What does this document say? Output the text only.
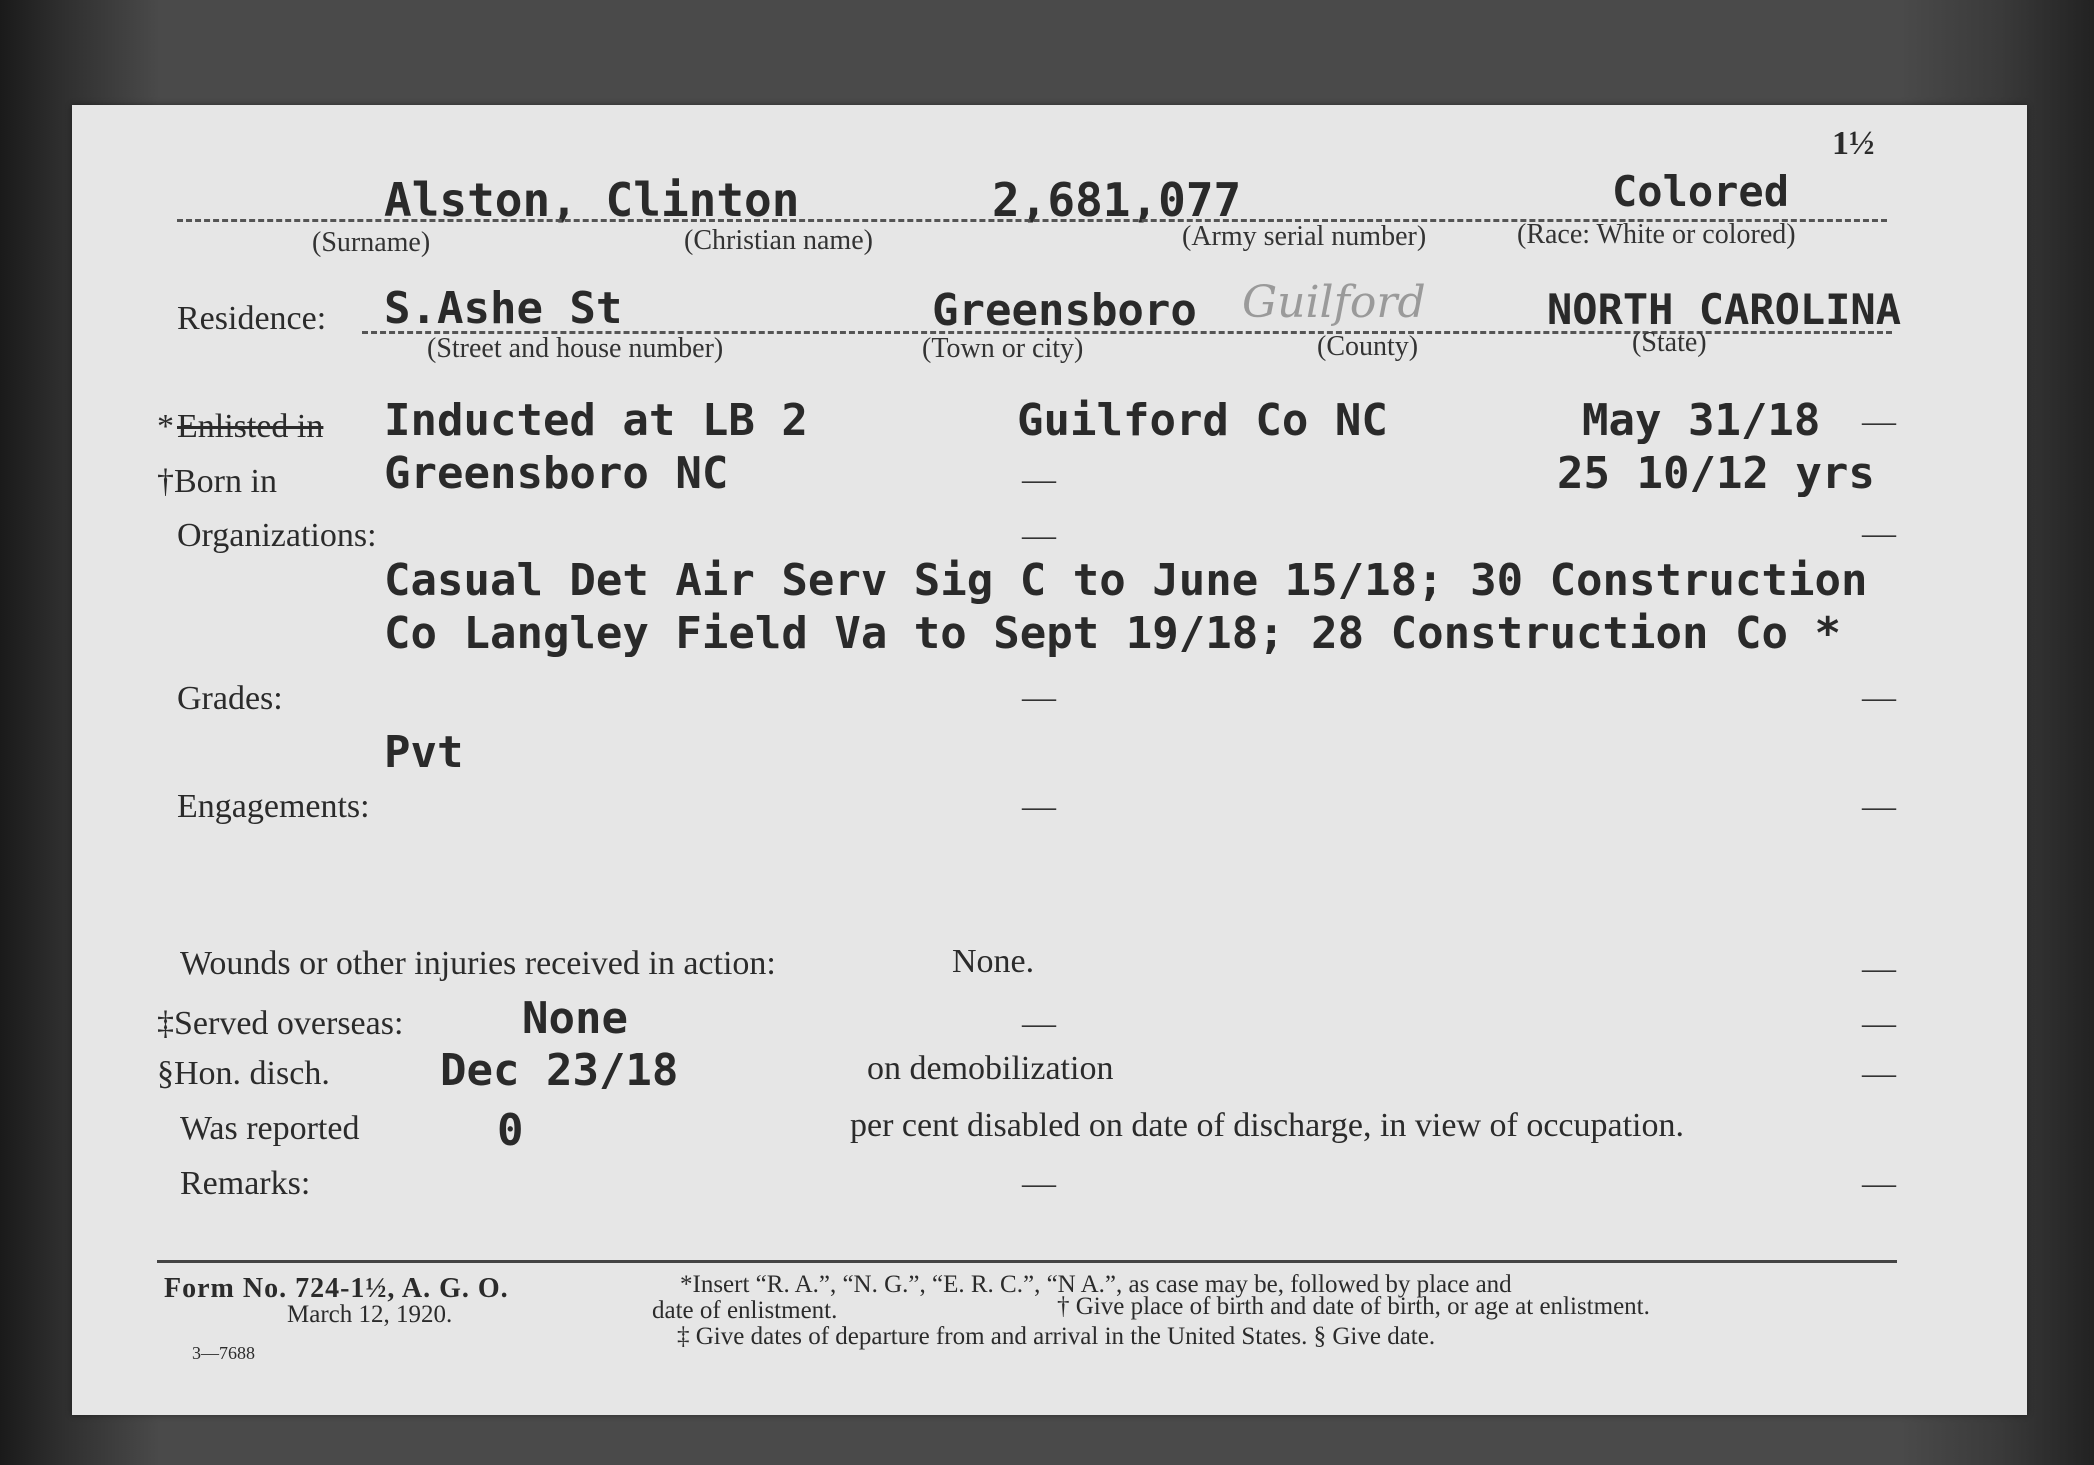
1½
Alston, Clinton	2,681,077	Colored
(Surname)	(Christian name)	(Army serial number)	(Race: White or colored)
Residence: S.Ashe St	Greensboro Guilford	NORTH CAROLINA
(Street and house number)	(Town or city)	(County)	(State)
* Enlisted in Inducted at LB 2	Guilford Co NC	May 31/18 —
†Born in Greensboro NC	—	25 10/12 yrs
Organizations:	—	—
Casual Det Air Serv Sig C to June 15/18; 30 Construction
Co Langley Field Va to Sept 19/18; 28 Construction Co *
Grades:	—	—
Pvt
Engagements:	—	—
Wounds or other injuries received in action:	None.	—
‡Served overseas:	None	—	—
§Hon. disch.	Dec 23/18	on demobilization	—
Was reported	0	per cent disabled on date of discharge, in view of occupation.
Remarks:	—	—
Form No. 724-1½, A. G. O.
March 12, 1920.
3—7688
*Insert “R. A.”, “N. G.”, “E. R. C.”, “N A.”, as case may be, followed by place and
date of enlistment.	† Give place of birth and date of birth, or age at enlistment.
‡ Give dates of departure from and arrival in the United States. § Give date.
